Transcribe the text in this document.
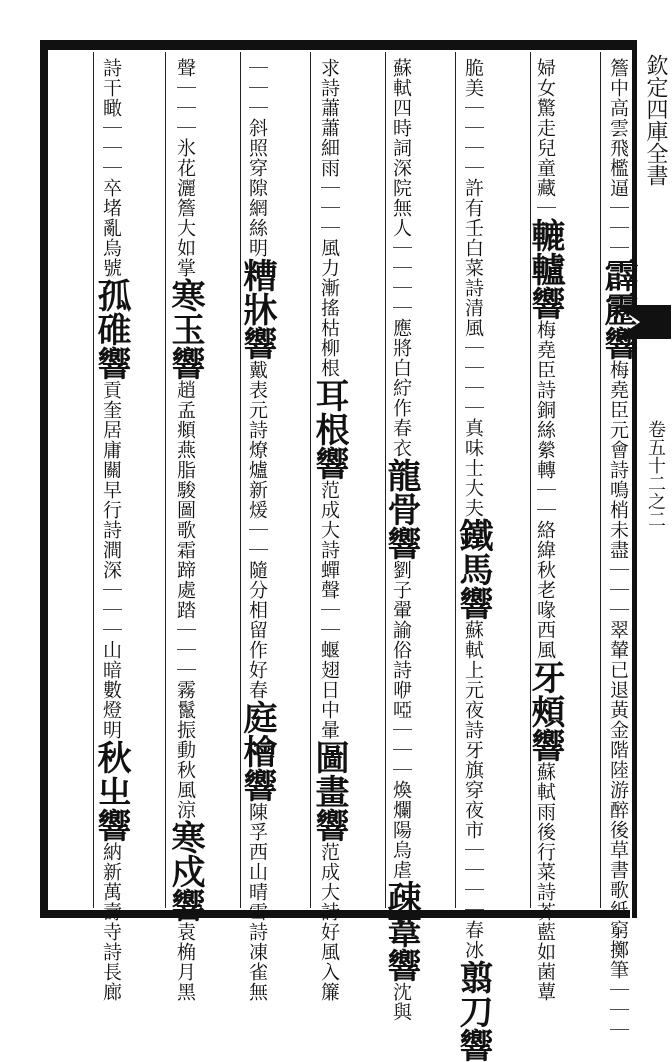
欽定四庫全書
卷五十二之二
簷中高雲飛檻逼｜｜｜霹靂響梅堯臣元會詩鳴梢未盡｜｜｜翠輦已退黃金階陸游醉後草書歌紙窮擲筆｜｜｜
婦女驚走兒童藏｜轆轤響梅堯臣詩銅絲縈轉｜｜絡緯秋老喙西風牙頰響蘇軾雨後行菜詩芥藍如菌蕈
脆美｜｜｜｜許有壬白菜詩清風｜｜｜｜真味士大夫鐵馬響蘇軾上元夜詩牙旗穿夜市｜｜｜｜春冰翦刀響
蘇軾四時詞深院無人｜｜｜｜應將白紵作春衣龍骨響劉子翬諭俗詩咿啞｜｜｜煥爛陽烏虐疎葦響沈與
求詩蕭蕭細雨｜｜｜風力漸搖枯柳根耳根響范成大詩蟬聲｜｜蝘翅日中暈圖畫響范成大詩好風入簾
｜｜｜斜照穿隙網絲明糟牀響戴表元詩燎爐新煖｜｜隨分相留作好春庭檜響陳孚西山晴雪詩凍雀無
聲｜｜｜氷花灑簷大如掌寒玉響趙孟頫燕脂駿圖歌霜蹄處踏｜｜｜霧鬣振動秋風涼寒戍響袁桷月黑
詩干瞰｜｜｜卒堵亂烏號孤碓響貢奎居庸關早行詩澗深｜｜｜山暗數燈明秋㞢響納新萬壽寺詩長廊
